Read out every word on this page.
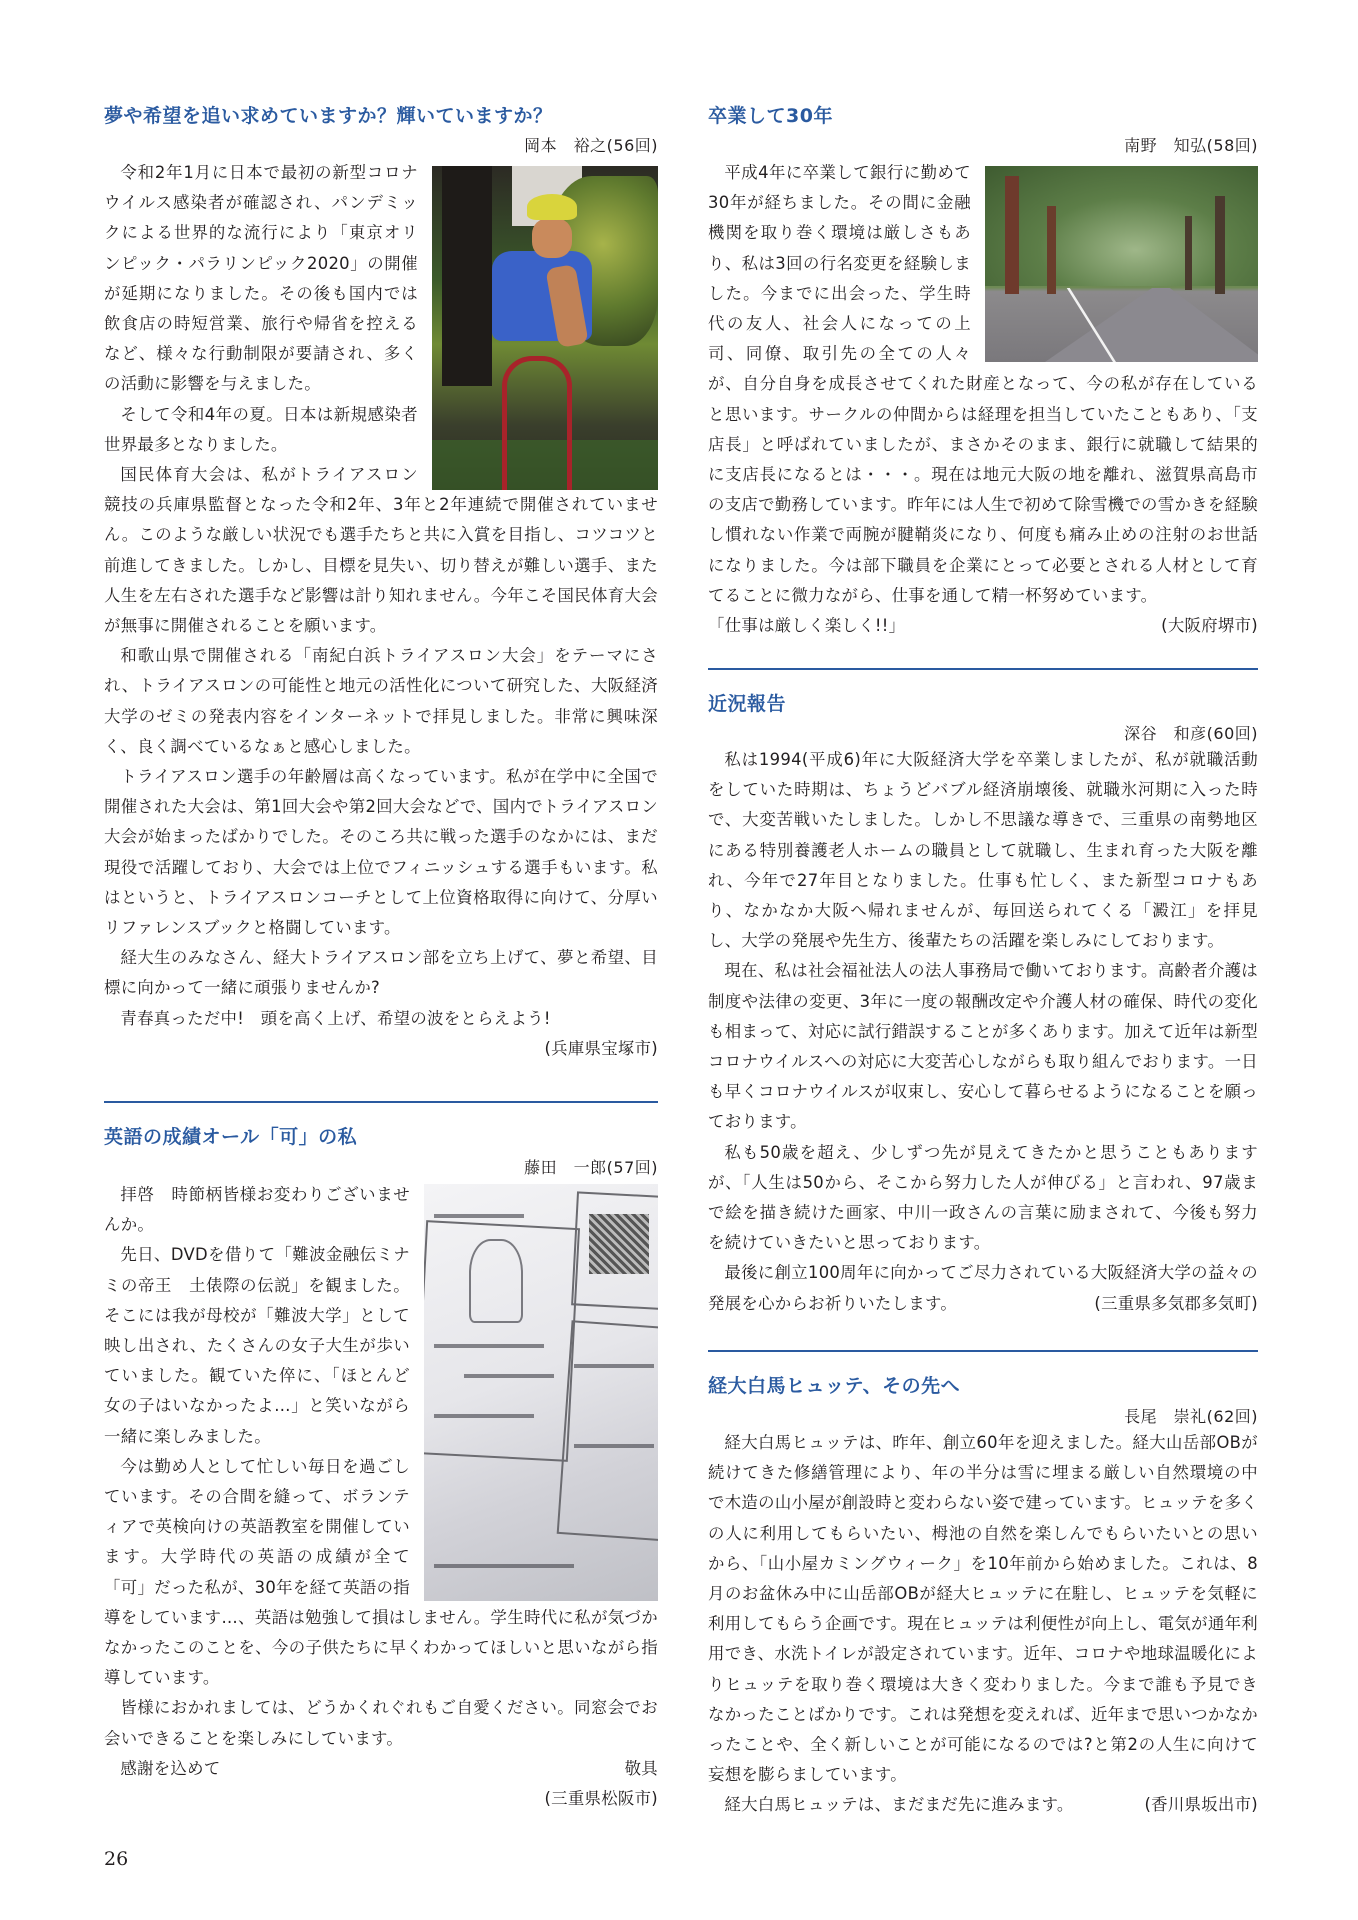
夢や希望を追い求めていますか？輝いていますか？
岡本　裕之(56回)

令和2年1月に日本で最初の新型コロナウイルス感染者が確認され、パンデミックによる世界的な流行により「東京オリンピック・パラリンピック2020」の開催が延期になりました。その後も国内では飲食店の時短営業、旅行や帰省を控えるなど、様々な行動制限が要請され、多くの活動に影響を与えました。

そして令和4年の夏。日本は新規感染者世界最多となりました。

国民体育大会は、私がトライアスロン競技の兵庫県監督となった令和2年、3年と2年連続で開催されていません。このような厳しい状況でも選手たちと共に入賞を目指し、コツコツと前進してきました。しかし、目標を見失い、切り替えが難しい選手、また人生を左右された選手など影響は計り知れません。今年こそ国民体育大会が無事に開催されることを願います。

和歌山県で開催される「南紀白浜トライアスロン大会」をテーマにされ、トライアスロンの可能性と地元の活性化について研究した、大阪経済大学のゼミの発表内容をインターネットで拝見しました。非常に興味深く、良く調べているなぁと感心しました。

トライアスロン選手の年齢層は高くなっています。私が在学中に全国で開催された大会は、第1回大会や第2回大会などで、国内でトライアスロン大会が始まったばかりでした。そのころ共に戦った選手のなかには、まだ現役で活躍しており、大会では上位でフィニッシュする選手もいます。私はというと、トライアスロンコーチとして上位資格取得に向けて、分厚いリファレンスブックと格闘しています。

経大生のみなさん、経大トライアスロン部を立ち上げて、夢と希望、目標に向かって一緒に頑張りませんか?

青春真っただ中!　頭を高く上げ、希望の波をとらえよう!

(兵庫県宝塚市)
英語の成績オール「可」の私
藤田　一郎(57回)

拝啓　時節柄皆様お変わりございませんか。

先日、DVDを借りて「難波金融伝ミナミの帝王　土俵際の伝説」を観ました。そこには我が母校が「難波大学」として映し出され、たくさんの女子大生が歩いていました。観ていた倅に、「ほとんど女の子はいなかったよ…」と笑いながら一緒に楽しみました。

今は勤め人として忙しい毎日を過ごしています。その合間を縫って、ボランティアで英検向けの英語教室を開催しています。大学時代の英語の成績が全て「可」だった私が、30年を経て英語の指導をしています…、英語は勉強して損はしません。学生時代に私が気づかなかったこのことを、今の子供たちに早くわかってほしいと思いながら指導しています。

皆様におかれましては、どうかくれぐれもご自愛ください。同窓会でお会いできることを楽しみにしています。

感謝を込めて	敬具
(三重県松阪市)
卒業して30年
南野　知弘(58回)

平成4年に卒業して銀行に勤めて30年が経ちました。その間に金融機関を取り巻く環境は厳しさもあり、私は3回の行名変更を経験しました。今までに出会った、学生時代の友人、社会人になっての上司、同僚、取引先の全ての人々が、自分自身を成長させてくれた財産となって、今の私が存在していると思います。サークルの仲間からは経理を担当していたこともあり、「支店長」と呼ばれていましたが、まさかそのまま、銀行に就職して結果的に支店長になるとは・・・。現在は地元大阪の地を離れ、滋賀県高島市の支店で勤務しています。昨年には人生で初めて除雪機での雪かきを経験し慣れない作業で両腕が腱鞘炎になり、何度も痛み止めの注射のお世話になりました。今は部下職員を企業にとって必要とされる人材として育てることに微力ながら、仕事を通して精一杯努めています。

「仕事は厳しく楽しく!!」	(大阪府堺市)
近況報告
深谷　和彦(60回)

私は1994(平成6)年に大阪経済大学を卒業しましたが、私が就職活動をしていた時期は、ちょうどバブル経済崩壊後、就職氷河期に入った時で、大変苦戦いたしました。しかし不思議な導きで、三重県の南勢地区にある特別養護老人ホームの職員として就職し、生まれ育った大阪を離れ、今年で27年目となりました。仕事も忙しく、また新型コロナもあり、なかなか大阪へ帰れませんが、毎回送られてくる「澱江」を拝見し、大学の発展や先生方、後輩たちの活躍を楽しみにしております。

現在、私は社会福祉法人の法人事務局で働いております。高齢者介護は制度や法律の変更、3年に一度の報酬改定や介護人材の確保、時代の変化も相まって、対応に試行錯誤することが多くあります。加えて近年は新型コロナウイルスへの対応に大変苦心しながらも取り組んでおります。一日も早くコロナウイルスが収束し、安心して暮らせるようになることを願っております。

私も50歳を超え、少しずつ先が見えてきたかと思うこともありますが、「人生は50から、そこから努力した人が伸びる」と言われ、97歳まで絵を描き続けた画家、中川一政さんの言葉に励まされて、今後も努力を続けていきたいと思っております。

最後に創立100周年に向かってご尽力されている大阪経済大学の益々の発展を心からお祈りいたします。	(三重県多気郡多気町)

経大白馬ヒュッテ、その先へ
長尾　崇礼(62回)

経大白馬ヒュッテは、昨年、創立60年を迎えました。経大山岳部OBが続けてきた修繕管理により、年の半分は雪に埋まる厳しい自然環境の中で木造の山小屋が創設時と変わらない姿で建っています。ヒュッテを多くの人に利用してもらいたい、栂池の自然を楽しんでもらいたいとの思いから、「山小屋カミングウィーク」を10年前から始めました。これは、8月のお盆休み中に山岳部OBが経大ヒュッテに在駐し、ヒュッテを気軽に利用してもらう企画です。現在ヒュッテは利便性が向上し、電気が通年利用でき、水洗トイレが設定されています。近年、コロナや地球温暖化によりヒュッテを取り巻く環境は大きく変わりました。今まで誰も予見できなかったことばかりです。これは発想を変えれば、近年まで思いつかなかったことや、全く新しいことが可能になるのでは?と第2の人生に向けて妄想を膨らましています。

経大白馬ヒュッテは、まだまだ先に進みます。	(香川県坂出市)
26
